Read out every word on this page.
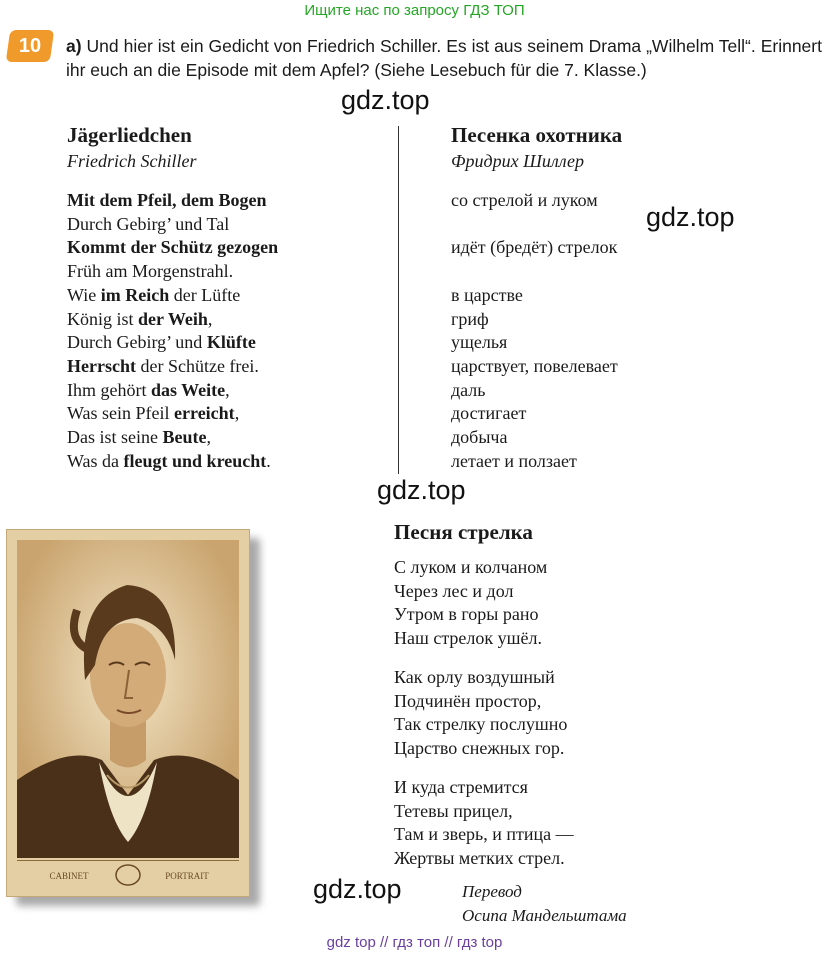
Ищите нас по запросу ГДЗ ТОП
10 a) Und hier ist ein Gedicht von Friedrich Schiller. Es ist aus seinem Drama „Wilhelm Tell“. Erinnert ihr euch an die Episode mit dem Apfel? (Siehe Lesebuch für die 7. Klasse.)
gdz.top
gdz.top
gdz.top
gdz.top
Jägerliedchen
Friedrich Schiller
Mit dem Pfeil, dem Bogen
Durch Gebirg’ und Tal
Kommt der Schütz gezogen
Früh am Morgenstrahl.
Wie im Reich der Lüfte
König ist der Weih,
Durch Gebirg’ und Klüfte
Herrscht der Schütze frei.
Ihm gehört das Weite,
Was sein Pfeil erreicht,
Das ist seine Beute,
Was da fleugt und kreucht.
Песенка охотника
Фридрих Шиллер
со стрелой и луком
идёт (бредёт) стрелок
в царстве
гриф
ущелья
царствует, повелевает
даль
достигает
добыча
летает и ползает
CABINET	PORTRAIT
Песня стрелка
С луком и колчаном
Через лес и дол
Утром в горы рано
Наш стрелок ушёл.
Как орлу воздушный
Подчинён простор,
Так стрелку послушно
Царство снежных гор.
И куда стремится
Тетевы прицел,
Там и зверь, и птица —
Жертвы метких стрел.
Перевод
Осипа Мандельштама
gdz top // гдз топ // гдз top
